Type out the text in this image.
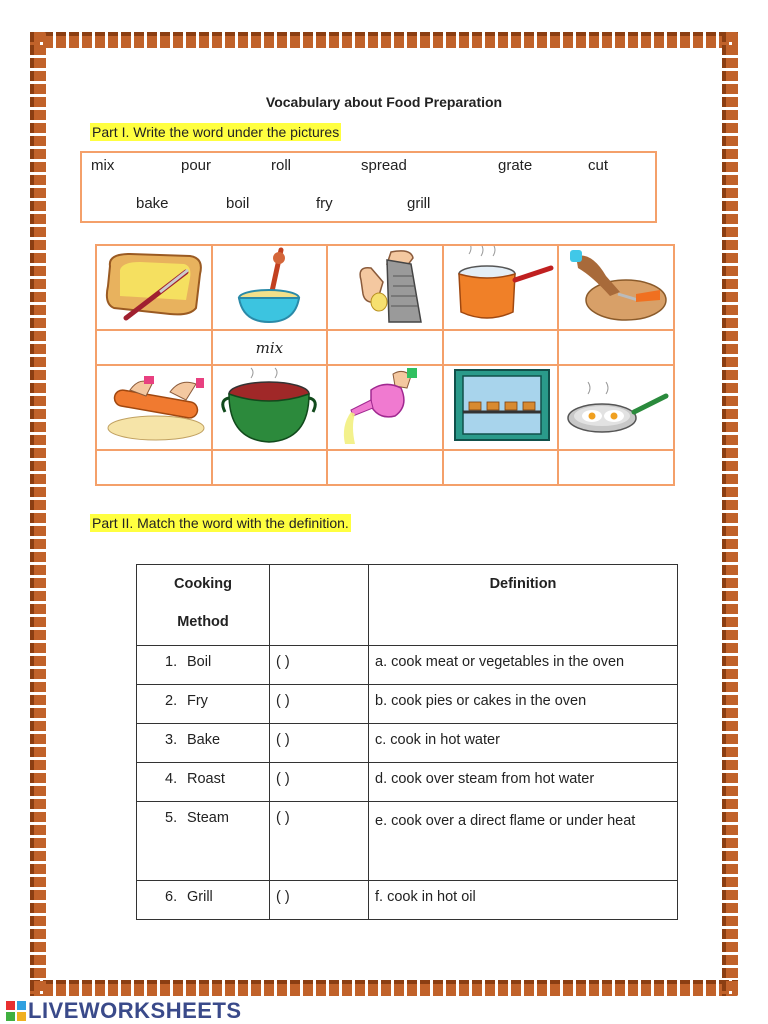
Vocabulary about Food Preparation
Part I. Write the word under the pictures
mix	pour	roll	spread	grate	cut
bake	boil	fry	grill

	mix			

Part II. Match the word with the definition.
Cooking
Method		Definition
1. Boil	( )	a. cook meat or vegetables in the oven
2. Fry	( )	b. cook pies or cakes in the oven
3. Bake	( )	c. cook in hot water
4. Roast	( )	d. cook over steam from hot water
5. Steam	( )	e. cook over a direct flame or under heat
6. Grill	( )	f. cook in hot oil
LIVEWORKSHEETS
